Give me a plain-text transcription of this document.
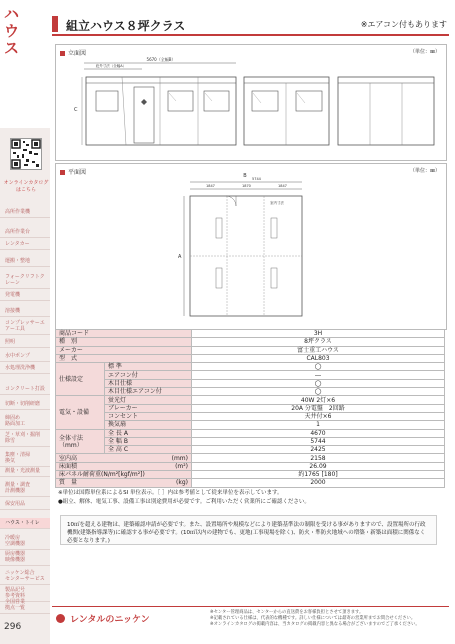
ハウス
オンラインカタログはこちら
高所作業機
高所作業台
レンタカー
運搬・整地
フォークリフトクレーン
発電機
溶接機
コンプレッサーエアー工具
照明
水中ポンプ
水処理洗浄機
コンクリート打設
切断・切削研磨
締固め
路面加工
芝・草刈・掘削
除雪
集塵・清掃
換気
測量・光波測量
測量・調査
計測機器
保安用品
ハウス・トイレ
冷暖房
空調機器
厨房機器
映像機器
ニッケン総合
センターサービス
製品記号
参考資料
全国営業
拠点一覧
296
組立ハウス８坪クラス	※エアコン付もあります
立面図	（単位：㎜）
5670（全幅B）
庇外寸法（全幅A）
C
平面図	（単位：㎜）
B 5744
1847	1870	1847
A
室内寸法
商品コード		3H
種　別		8坪クラス
メーカー		富士重工ハウス
型　式		CAL803
仕様設定	標 準	◯
	エアコン付	―
	木目仕様	◯
	木目仕様エアコン付	◯
電気・設備	蛍光灯	40W 2灯×6
	ブレーカー	20A 分電盤　2回路
	コンセント	天井付×6
	換気扇	1
全体寸法
（mm）	全 長 A	4670
	全 幅 B	5744
	全 高 C	2425
室内高 (mm)		2158
床面積 (m²)		26.09
床パネル耐荷重(N/m²[kgf/m²])		約1765 [180]
質　量 (kg)		2000
※単位は国際単位系によるSI 単位表示。［ ］内は参考値として従来単位を表示しています。
●組立、解体、電気工事、設備工事は別途費用が必要です。ご利用いただく営業所にご確認ください。
10㎡を超える建物は、建築確認申請が必要です。また、設置場所や規模などにより建築基準法の制限を受ける事がありますので、設置場所の行政機関(建築指導課等)に確認する事が必要です。(10㎡以内の建物でも、更地(工事現場を除く)、防火・準防火地域への増築・新築は面積に関係なく必要となります。)
レンタルのニッケン
※センター管理商品は、センターからの直送費をお客様負担とさせて頂きます。
※記載されている仕様は、代表的な機種です。詳しい仕様については最寄の営業所までお問合せください。
※オンラインカタログの掲載内容は、当カタログの掲載内容と異なる場合がございますのでご了承ください。
